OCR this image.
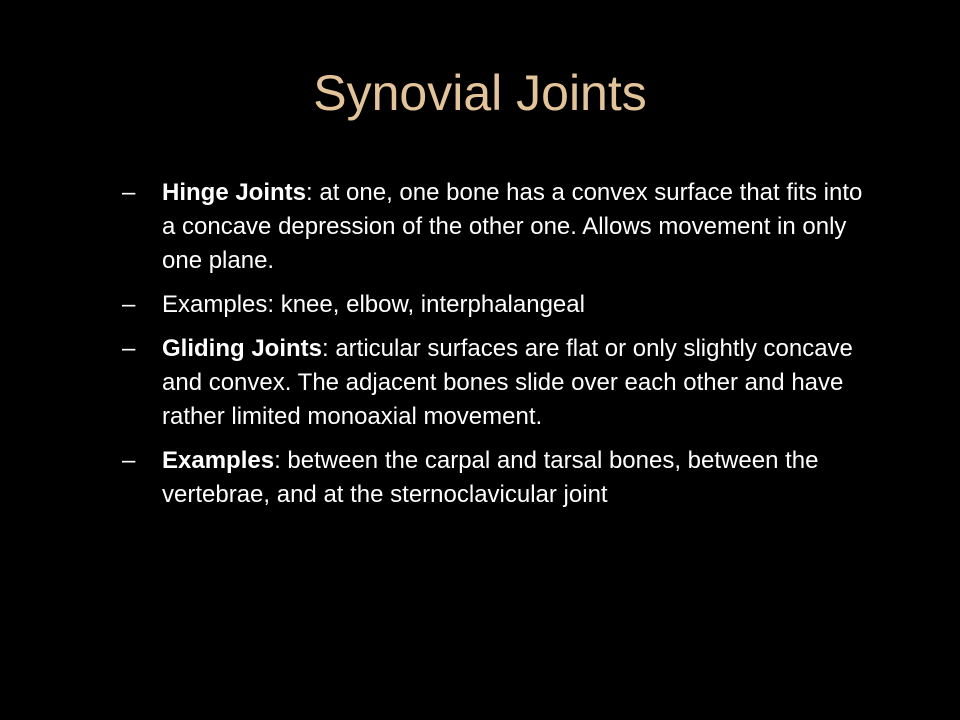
Synovial Joints
–	Hinge Joints: at one, one bone has a convex surface that fits into a concave depression of the other one. Allows movement in only one plane.
–	Examples: knee, elbow, interphalangeal
–	Gliding Joints: articular surfaces are flat or only slightly concave and convex. The adjacent bones slide over each other and have rather limited monoaxial movement.
–	Examples: between the carpal and tarsal bones, between the vertebrae, and at the sternoclavicular joint
